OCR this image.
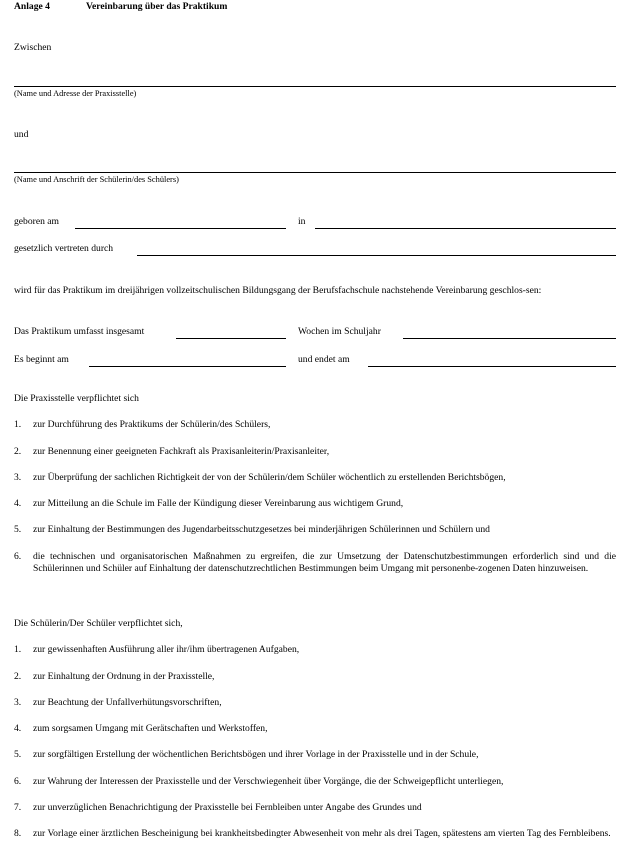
Anlage 4	Vereinbarung über das Praktikum
Zwischen
(Name und Adresse der Praxisstelle)
und
(Name und Anschrift der Schülerin/des Schülers)
geboren am	in
gesetzlich vertreten durch
wird für das Praktikum im dreijährigen vollzeitschulischen Bildungsgang der Berufsfachschule nachstehende Vereinbarung geschlos-sen:
Das Praktikum umfasst insgesamt	Wochen im Schuljahr
Es beginnt am	und endet am
Die Praxisstelle verpflichtet sich
1. zur Durchführung des Praktikums der Schülerin/des Schülers,
2. zur Benennung einer geeigneten Fachkraft als Praxisanleiterin/Praxisanleiter,
3. zur Überprüfung der sachlichen Richtigkeit der von der Schülerin/dem Schüler wöchentlich zu erstellenden Berichtsbögen,
4. zur Mitteilung an die Schule im Falle der Kündigung dieser Vereinbarung aus wichtigem Grund,
5. zur Einhaltung der Bestimmungen des Jugendarbeitsschutzgesetzes bei minderjährigen Schülerinnen und Schülern und
6. die technischen und organisatorischen Maßnahmen zu ergreifen, die zur Umsetzung der Datenschutzbestimmungen erforderlich sind und die Schülerinnen und Schüler auf Einhaltung der datenschutzrechtlichen Bestimmungen beim Umgang mit personenbe-zogenen Daten hinzuweisen.
Die Schülerin/Der Schüler verpflichtet sich,
1. zur gewissenhaften Ausführung aller ihr/ihm übertragenen Aufgaben,
2. zur Einhaltung der Ordnung in der Praxisstelle,
3. zur Beachtung der Unfallverhütungsvorschriften,
4. zum sorgsamen Umgang mit Gerätschaften und Werkstoffen,
5. zur sorgfältigen Erstellung der wöchentlichen Berichtsbögen und ihrer Vorlage in der Praxisstelle und in der Schule,
6. zur Wahrung der Interessen der Praxisstelle und der Verschwiegenheit über Vorgänge, die der Schweigepflicht unterliegen,
7. zur unverzüglichen Benachrichtigung der Praxisstelle bei Fernbleiben unter Angabe des Grundes und
8. zur Vorlage einer ärztlichen Bescheinigung bei krankheitsbedingter Abwesenheit von mehr als drei Tagen, spätestens am vierten Tag des Fernbleibens.
